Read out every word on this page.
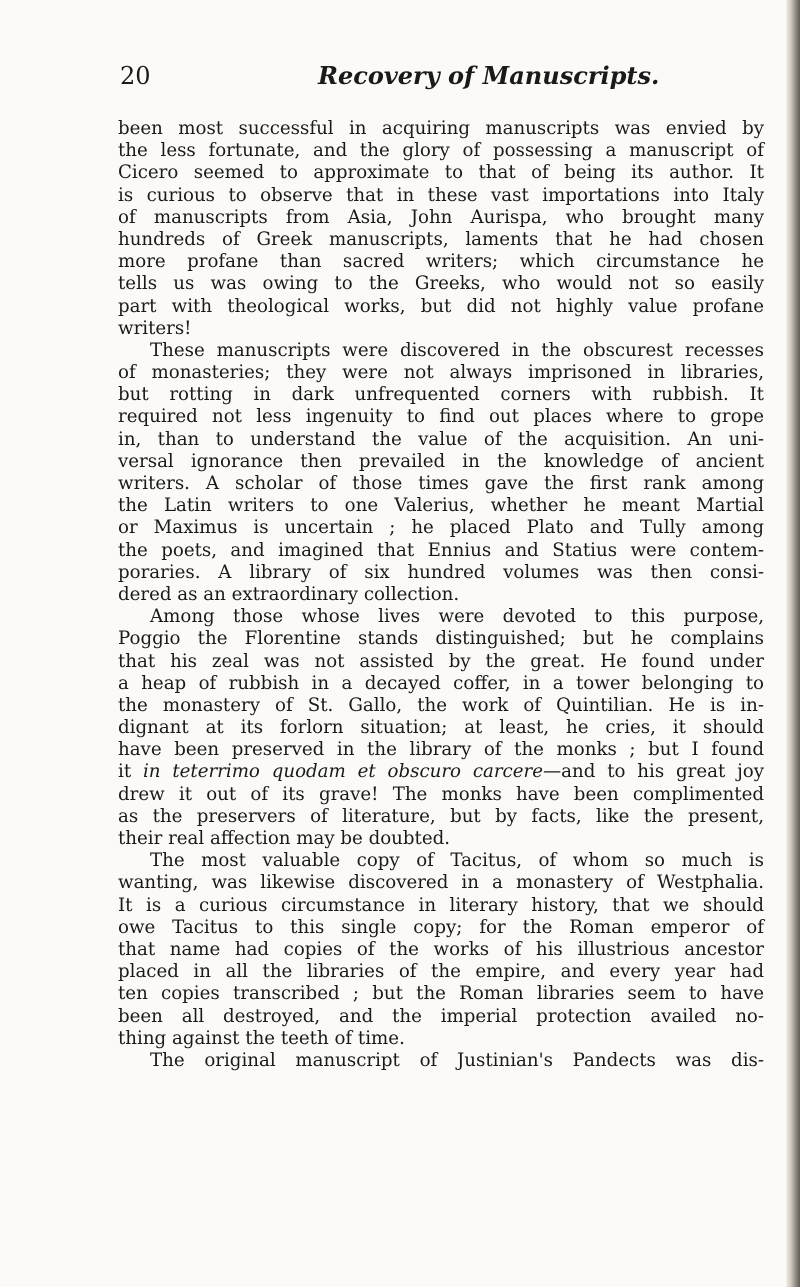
20	Recovery of Manuscripts.
been most successful in acquiring manuscripts was envied by
the less fortunate, and the glory of possessing a manuscript of
Cicero seemed to approximate to that of being its author. It
is curious to observe that in these vast importations into Italy
of manuscripts from Asia, John Aurispa, who brought many
hundreds of Greek manuscripts, laments that he had chosen
more profane than sacred writers; which circumstance he
tells us was owing to the Greeks, who would not so easily
part with theological works, but did not highly value profane
writers!
These manuscripts were discovered in the obscurest recesses
of monasteries; they were not always imprisoned in libraries,
but rotting in dark unfrequented corners with rubbish. It
required not less ingenuity to find out places where to grope
in, than to understand the value of the acquisition. An uni-
versal ignorance then prevailed in the knowledge of ancient
writers. A scholar of those times gave the first rank among
the Latin writers to one Valerius, whether he meant Martial
or Maximus is uncertain ; he placed Plato and Tully among
the poets, and imagined that Ennius and Statius were contem-
poraries. A library of six hundred volumes was then consi-
dered as an extraordinary collection.
Among those whose lives were devoted to this purpose,
Poggio the Florentine stands distinguished; but he complains
that his zeal was not assisted by the great. He found under
a heap of rubbish in a decayed coffer, in a tower belonging to
the monastery of St. Gallo, the work of Quintilian. He is in-
dignant at its forlorn situation; at least, he cries, it should
have been preserved in the library of the monks ; but I found
it in teterrimo quodam et obscuro carcere—and to his great joy
drew it out of its grave! The monks have been complimented
as the preservers of literature, but by facts, like the present,
their real affection may be doubted.
The most valuable copy of Tacitus, of whom so much is
wanting, was likewise discovered in a monastery of Westphalia.
It is a curious circumstance in literary history, that we should
owe Tacitus to this single copy; for the Roman emperor of
that name had copies of the works of his illustrious ancestor
placed in all the libraries of the empire, and every year had
ten copies transcribed ; but the Roman libraries seem to have
been all destroyed, and the imperial protection availed no-
thing against the teeth of time.
The original manuscript of Justinian's Pandects was dis-
